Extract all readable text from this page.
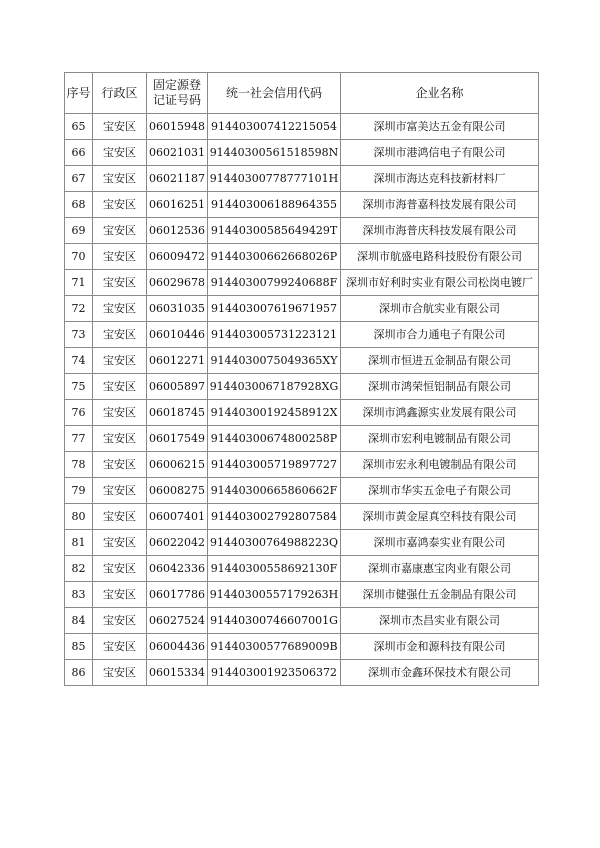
序号	行政区	固定源登记证号码	统一社会信用代码	企业名称
65	宝安区	06015948	914403007412215054	深圳市富美达五金有限公司
66	宝安区	06021031	91440300561518598N	深圳市港鸿信电子有限公司
67	宝安区	06021187	91440300778777101H	深圳市海达克科技新材料厂
68	宝安区	06016251	914403006188964355	深圳市海普嘉科技发展有限公司
69	宝安区	06012536	91440300585649429T	深圳市海普庆科技发展有限公司
70	宝安区	06009472	91440300662668026P	深圳市航盛电路科技股份有限公司
71	宝安区	06029678	91440300799240688F	深圳市好利时实业有限公司松岗电镀厂
72	宝安区	06031035	914403007619671957	深圳市合航实业有限公司
73	宝安区	06010446	914403005731223121	深圳市合力通电子有限公司
74	宝安区	06012271	9144030075049365XY	深圳市恒进五金制品有限公司
75	宝安区	06005897	9144030067187928XG	深圳市鸿荣恒铝制品有限公司
76	宝安区	06018745	91440300192458912X	深圳市鸿鑫源实业发展有限公司
77	宝安区	06017549	91440300674800258P	深圳市宏利电镀制品有限公司
78	宝安区	06006215	914403005719897727	深圳市宏永利电镀制品有限公司
79	宝安区	06008275	91440300665860662F	深圳市华实五金电子有限公司
80	宝安区	06007401	914403002792807584	深圳市黄金屋真空科技有限公司
81	宝安区	06022042	91440300764988223Q	深圳市嘉鸿泰实业有限公司
82	宝安区	06042336	91440300558692130F	深圳市嘉康惠宝肉业有限公司
83	宝安区	06017786	91440300557179263H	深圳市健强仕五金制品有限公司
84	宝安区	06027524	91440300746607001G	深圳市杰昌实业有限公司
85	宝安区	06004436	91440300577689009B	深圳市金和源科技有限公司
86	宝安区	06015334	914403001923506372	深圳市金鑫环保技术有限公司
